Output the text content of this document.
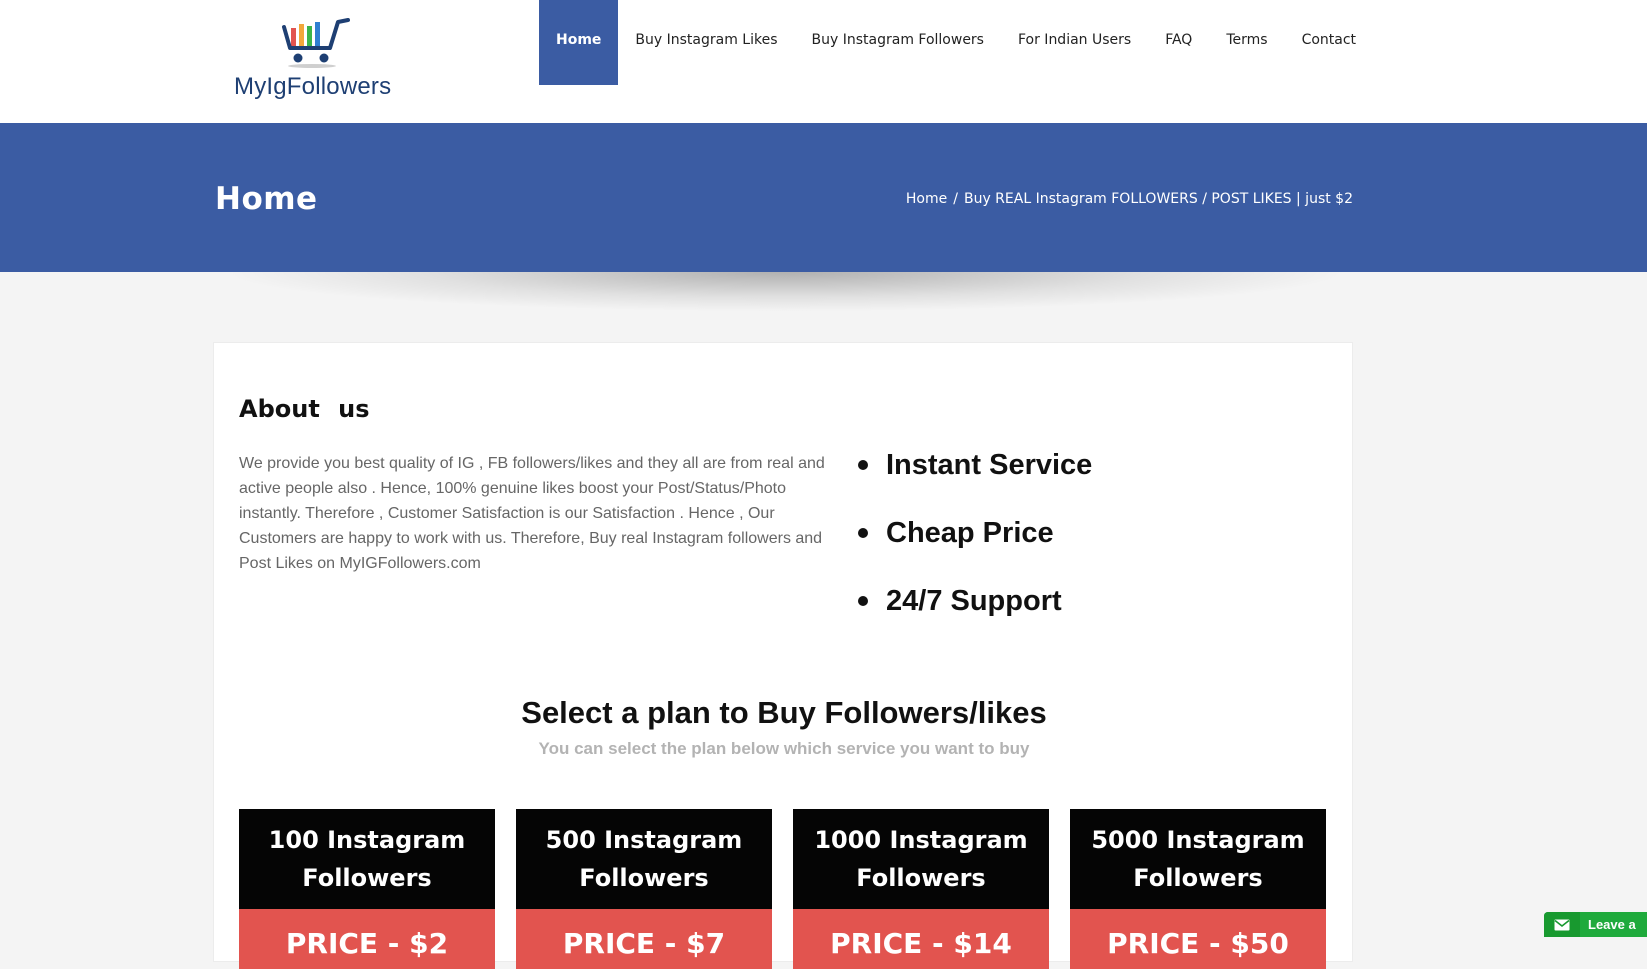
MyIgFollowers
Home	Buy Instagram Likes	Buy Instagram Followers	For Indian Users	FAQ	Terms	Contact
Home	Home / Buy REAL Instagram FOLLOWERS / POST LIKES | just $2
About us

We provide you best quality of IG , FB followers/likes and they all are from real and active people also . Hence, 100% genuine likes boost your Post/Status/Photo instantly. Therefore , Customer Satisfaction is our Satisfaction . Hence , Our Customers are happy to work with us. Therefore, Buy real Instagram followers and Post Likes on MyIGFollowers.com

Instant Service
Cheap Price
24/7 Support
Select a plan to Buy Followers/likes
You can select the plan below which service you want to buy
100 Instagram Followers
PRICE - $2
500 Instagram Followers
PRICE - $7
1000 Instagram Followers
PRICE - $14
5000 Instagram Followers
PRICE - $50
Leave a
